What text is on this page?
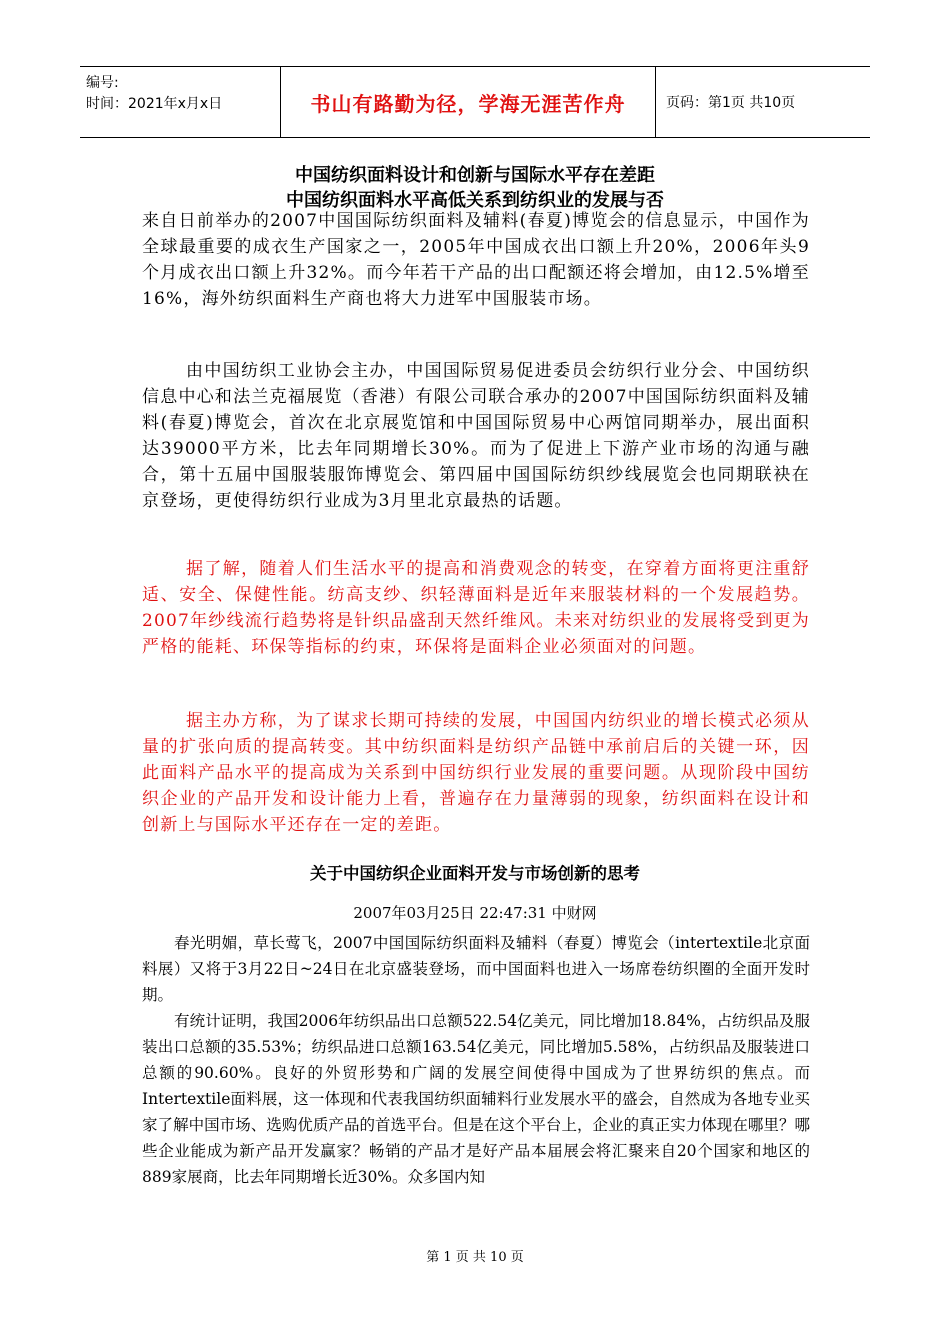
编号:
时间：2021年x月x日	书山有路勤为径，学海无涯苦作舟	页码：第1页 共10页
中国纺织面料设计和创新与国际水平存在差距
中国纺织面料水平高低关系到纺织业的发展与否

来自日前举办的2007中国国际纺织面料及辅料(春夏)博览会的信息显示，中国作为全球最重要的成衣生产国家之一，2005年中国成衣出口额上升20%，2006年头9个月成衣出口额上升32%。而今年若干产品的出口配额还将会增加，由12.5%增至16%，海外纺织面料生产商也将大力进军中国服装市场。

由中国纺织工业协会主办，中国国际贸易促进委员会纺织行业分会、中国纺织信息中心和法兰克福展览（香港）有限公司联合承办的2007中国国际纺织面料及辅料(春夏)博览会，首次在北京展览馆和中国国际贸易中心两馆同期举办，展出面积达39000平方米，比去年同期增长30%。而为了促进上下游产业市场的沟通与融合，第十五届中国服装服饰博览会、第四届中国国际纺织纱线展览会也同期联袂在京登场，更使得纺织行业成为3月里北京最热的话题。

据了解，随着人们生活水平的提高和消费观念的转变，在穿着方面将更注重舒适、安全、保健性能。纺高支纱、织轻薄面料是近年来服装材料的一个发展趋势。2007年纱线流行趋势将是针织品盛刮天然纤维风。未来对纺织业的发展将受到更为严格的能耗、环保等指标的约束，环保将是面料企业必须面对的问题。

据主办方称，为了谋求长期可持续的发展，中国国内纺织业的增长模式必须从量的扩张向质的提高转变。其中纺织面料是纺织产品链中承前启后的关键一环，因此面料产品水平的提高成为关系到中国纺织行业发展的重要问题。从现阶段中国纺织企业的产品开发和设计能力上看，普遍存在力量薄弱的现象，纺织面料在设计和创新上与国际水平还存在一定的差距。

关于中国纺织企业面料开发与市场创新的思考
2007年03月25日 22:47:31 中财网

春光明媚，草长莺飞，2007中国国际纺织面料及辅料（春夏）博览会（intertextile北京面料展）又将于3月22日~24日在北京盛装登场，而中国面料也进入一场席卷纺织圈的全面开发时期。

有统计证明，我国2006年纺织品出口总额522.54亿美元，同比增加18.84%，占纺织品及服装出口总额的35.53%；纺织品进口总额163.54亿美元，同比增加5.58%，占纺织品及服装进口总额的90.60%。良好的外贸形势和广阔的发展空间使得中国成为了世界纺织的焦点。而Intertextile面料展，这一体现和代表我国纺织面辅料行业发展水平的盛会，自然成为各地专业买家了解中国市场、选购优质产品的首选平台。但是在这个平台上，企业的真正实力体现在哪里？哪些企业能成为新产品开发赢家？畅销的产品才是好产品本届展会将汇聚来自20个国家和地区的889家展商，比去年同期增长近30%。众多国内知

第 1 页 共 10 页
